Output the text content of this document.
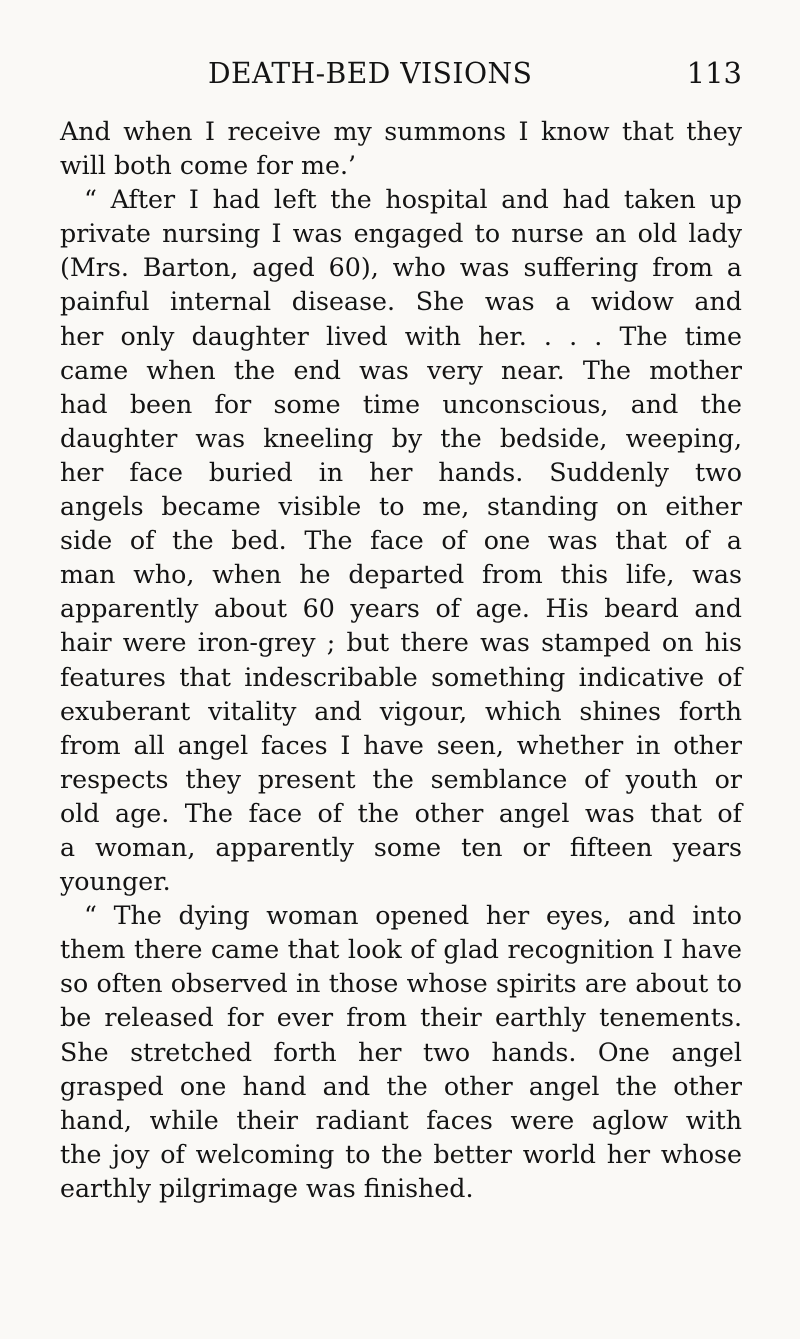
DEATH-BED VISIONS	113

And when I receive my summons I know that they
will both come for me.’

“ After I had left the hospital and had taken up
private nursing I was engaged to nurse an old lady
(Mrs. Barton, aged 60), who was suffering from a
painful internal disease. She was a widow and
her only daughter lived with her. . . . The time
came when the end was very near. The mother
had been for some time unconscious, and the
daughter was kneeling by the bedside, weeping,
her face buried in her hands. Suddenly two
angels became visible to me, standing on either
side of the bed. The face of one was that of a
man who, when he departed from this life, was
apparently about 60 years of age. His beard and
hair were iron-grey ; but there was stamped on his
features that indescribable something indicative of
exuberant vitality and vigour, which shines forth
from all angel faces I have seen, whether in other
respects they present the semblance of youth or
old age. The face of the other angel was that of
a woman, apparently some ten or fifteen years
younger.

“ The dying woman opened her eyes, and into
them there came that look of glad recognition I have
so often observed in those whose spirits are about to
be released for ever from their earthly tenements.
She stretched forth her two hands. One angel
grasped one hand and the other angel the other
hand, while their radiant faces were aglow with
the joy of welcoming to the better world her whose
earthly pilgrimage was finished.
